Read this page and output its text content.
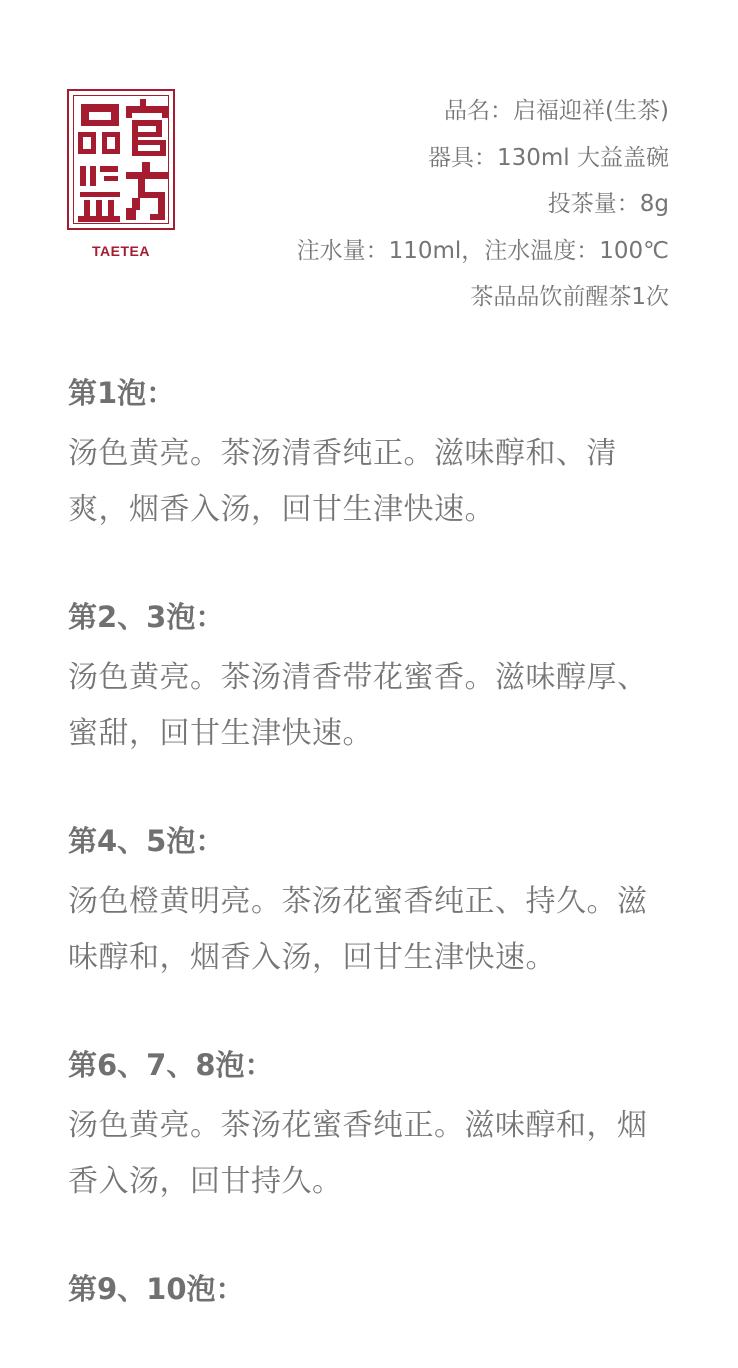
TAETEA
品名：启福迎祥(生茶)
器具：130ml 大益盖碗
投茶量：8g
注水量：110ml，注水温度：100℃
茶品品饮前醒茶1次
第1泡：
汤色黄亮。茶汤清香纯正。滋味醇和、清爽，烟香入汤，回甘生津快速。
第2、3泡：
汤色黄亮。茶汤清香带花蜜香。滋味醇厚、蜜甜，回甘生津快速。
第4、5泡：
汤色橙黄明亮。茶汤花蜜香纯正、持久。滋味醇和，烟香入汤，回甘生津快速。
第6、7、8泡：
汤色黄亮。茶汤花蜜香纯正。滋味醇和，烟香入汤，回甘持久。
第9、10泡：
